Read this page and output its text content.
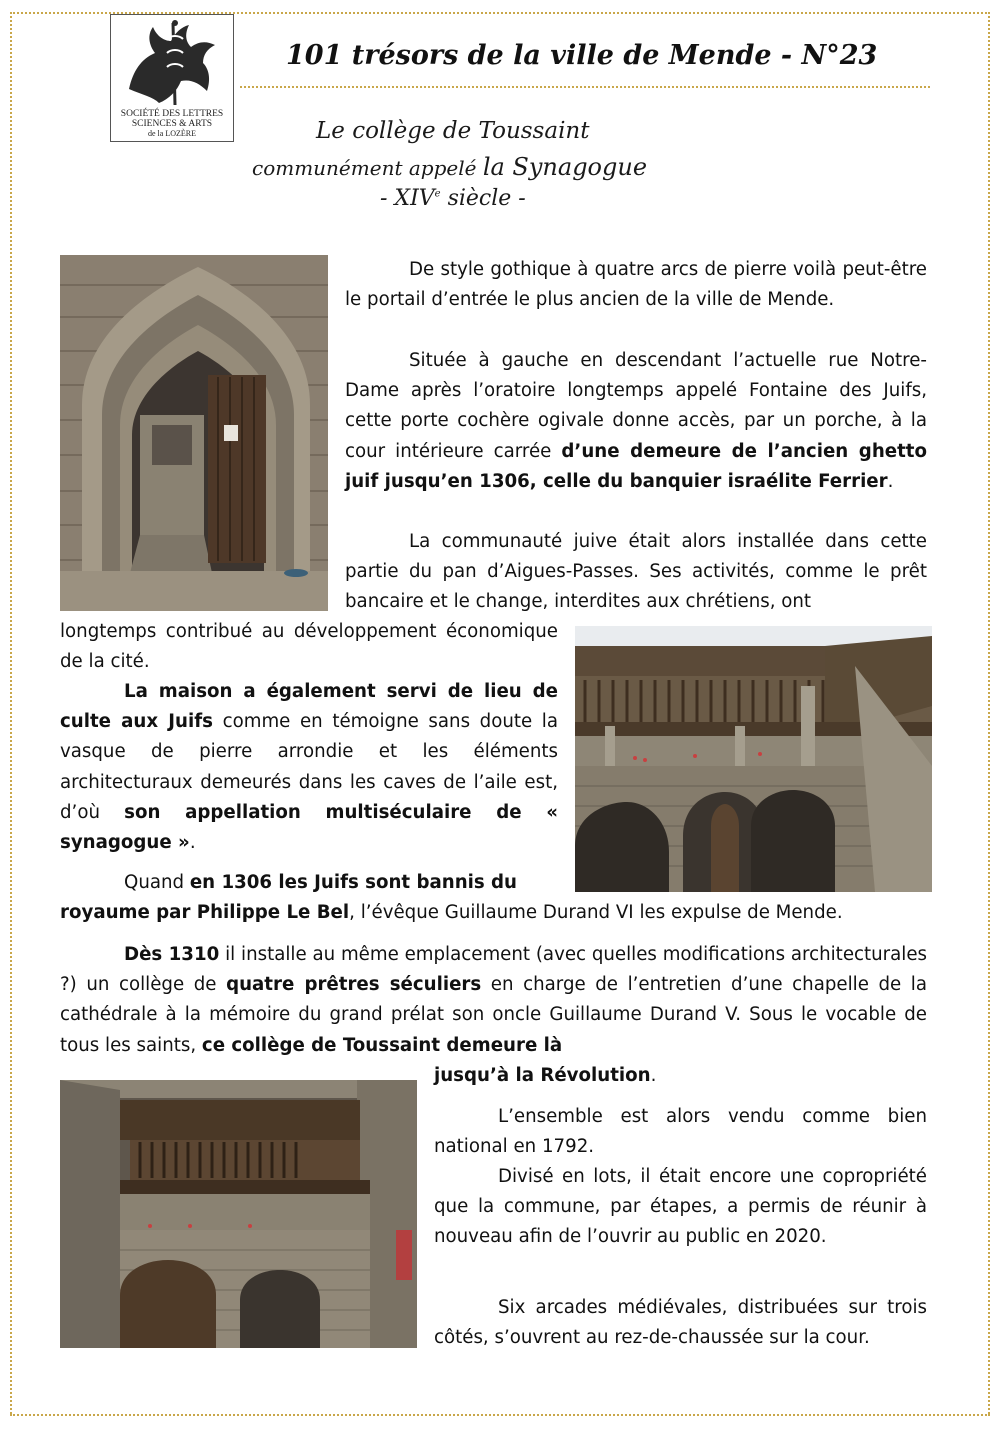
SOCIÉTÉ DES LETTRES
SCIENCES & ARTS
de la LOZÈRE
101 trésors de la ville de Mende - N°23
Le collège de Toussaint
communément appelé la Synagogue
- XIVe siècle -
De style gothique à quatre arcs de pierre voilà peut-être le portail d’entrée le plus ancien de la ville de Mende.
Située à gauche en descendant l’actuelle rue Notre-Dame après l’oratoire longtemps appelé Fontaine des Juifs, cette porte cochère ogivale donne accès, par un porche, à la cour intérieure carrée d’une demeure de l’ancien ghetto juif jusqu’en 1306, celle du banquier israélite Ferrier.
La communauté juive était alors installée dans cette partie du pan d’Aigues-Passes. Ses activités, comme le prêt bancaire et le change, interdites aux chrétiens, ont
longtemps contribué au développement économique de la cité.
La maison a également servi de lieu de culte aux Juifs comme en témoigne sans doute la vasque de pierre arrondie et les éléments architecturaux demeurés dans les caves de l’aile est, d’où son appellation multiséculaire de « synagogue ».
Quand en 1306 les Juifs sont bannis du
royaume par Philippe Le Bel, l’évêque Guillaume Durand VI les expulse de Mende.
Dès 1310 il installe au même emplacement (avec quelles modifications architecturales ?) un collège de quatre prêtres séculiers en charge de l’entretien d’une chapelle de la cathédrale à la mémoire du grand prélat son oncle Guillaume Durand V. Sous le vocable de tous les saints, ce collège de Toussaint demeure là
jusqu’à la Révolution.
L’ensemble est alors vendu comme bien national en 1792.
Divisé en lots, il était encore une copropriété que la commune, par étapes, a permis de réunir à nouveau afin de l’ouvrir au public en 2020.
Six arcades médiévales, distribuées sur trois côtés, s’ouvrent au rez-de-chaussée sur la cour.
